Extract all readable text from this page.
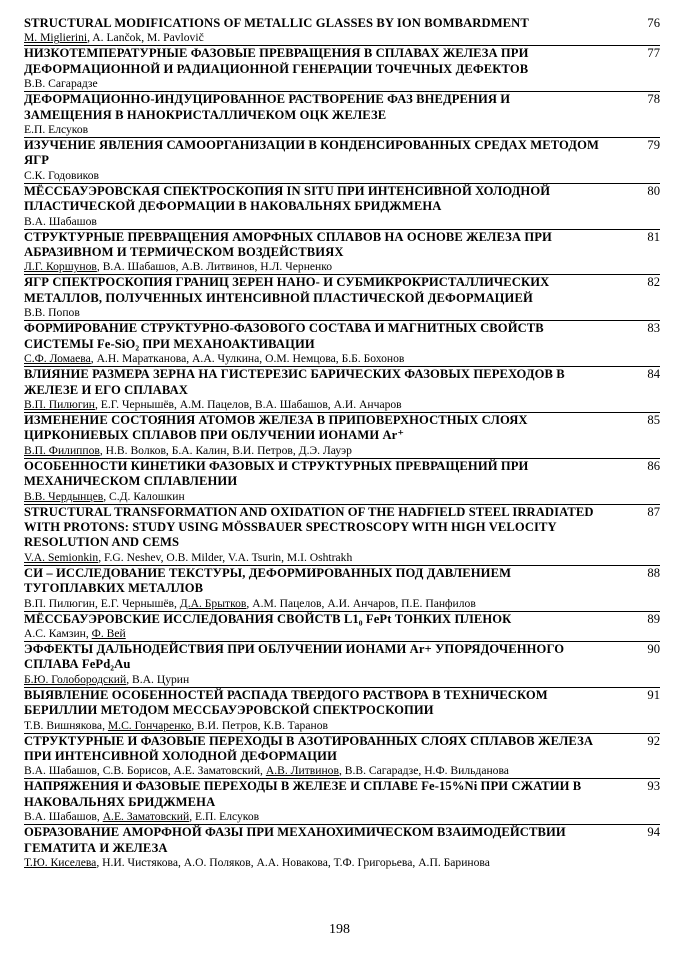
STRUCTURAL MODIFICATIONS OF METALLIC GLASSES BY ION BOMBARDMENT
M. Miglierini, A. Lančok, M. Pavlovič
76
НИЗКОТЕМПЕРАТУРНЫЕ ФАЗОВЫЕ ПРЕВРАЩЕНИЯ В СПЛАВАХ ЖЕЛЕЗА ПРИ ДЕФОРМАЦИОННОЙ И РАДИАЦИОННОЙ ГЕНЕРАЦИИ ТОЧЕЧНЫХ ДЕФЕКТОВ
В.В. Сагарадзе
77
ДЕФОРМАЦИОННО-ИНДУЦИРОВАННОЕ РАСТВОРЕНИЕ ФАЗ ВНЕДРЕНИЯ И ЗАМЕЩЕНИЯ В НАНОКРИСТАЛЛИЧЕКОМ ОЦК ЖЕЛЕЗЕ
Е.П. Елсуков
78
ИЗУЧЕНИЕ ЯВЛЕНИЯ САМООРГАНИЗАЦИИ В КОНДЕНСИРОВАННЫХ СРЕДАХ МЕТОДОМ ЯГР
С.К. Годовиков
79
МЁССБАУЭРОВСКАЯ СПЕКТРОСКОПИЯ IN SITU ПРИ ИНТЕНСИВНОЙ ХОЛОДНОЙ ПЛАСТИЧЕСКОЙ ДЕФОРМАЦИИ В НАКОВАЛЬНЯХ БРИДЖМЕНА
В.А. Шабашов
80
СТРУКТУРНЫЕ ПРЕВРАЩЕНИЯ АМОРФНЫХ СПЛАВОВ НА ОСНОВЕ ЖЕЛЕЗА ПРИ АБРАЗИВНОМ И ТЕРМИЧЕСКОМ ВОЗДЕЙСТВИЯХ
Л.Г. Коршунов, В.А. Шабашов, А.В. Литвинов, Н.Л. Черненко
81
ЯГР СПЕКТРОСКОПИЯ ГРАНИЦ ЗЕРЕН НАНО- И СУБМИКРОКРИСТАЛЛИЧЕСКИХ МЕТАЛЛОВ, ПОЛУЧЕННЫХ ИНТЕНСИВНОЙ ПЛАСТИЧЕСКОЙ ДЕФОРМАЦИЕЙ
В.В. Попов
82
ФОРМИРОВАНИЕ СТРУКТУРНО-ФАЗОВОГО СОСТАВА И МАГНИТНЫХ СВОЙСТВ СИСТЕМЫ Fe-SiO₂ ПРИ МЕХАНОАКТИВАЦИИ
С.Ф. Ломаева, А.Н. Маратканова, А.А. Чулкина, О.М. Немцова, Б.Б. Бохонов
83
ВЛИЯНИЕ РАЗМЕРА ЗЕРНА НА ГИСТЕРЕЗИС БАРИЧЕСКИХ ФАЗОВЫХ ПЕРЕХОДОВ В ЖЕЛЕЗЕ И ЕГО СПЛАВАХ
В.П. Пилюгин, Е.Г. Чернышёв, А.М. Пацелов, В.А. Шабашов, А.И. Анчаров
84
ИЗМЕНЕНИЕ СОСТОЯНИЯ АТОМОВ ЖЕЛЕЗА В ПРИПОВЕРХНОСТНЫХ СЛОЯХ ЦИРКОНИЕВЫХ СПЛАВОВ ПРИ ОБЛУЧЕНИИ ИОНАМИ Ar⁺
В.П. Филиппов, Н.В. Волков, Б.А. Калин, В.И. Петров, Д.Э. Лауэр
85
ОСОБЕННОСТИ КИНЕТИКИ ФАЗОВЫХ И СТРУКТУРНЫХ ПРЕВРАЩЕНИЙ ПРИ МЕХАНИЧЕСКОМ СПЛАВЛЕНИИ
В.В. Чердынцев, С.Д. Калошкин
86
STRUCTURAL TRANSFORMATION AND OXIDATION OF THE HADFIELD STEEL IRRADIATED WITH PROTONS: STUDY USING MÖSSBAUER SPECTROSCOPY WITH HIGH VELOCITY RESOLUTION AND CEMS
V.A. Semionkin, F.G. Neshev, O.B. Milder, V.A. Tsurin, M.I. Oshtrakh
87
СИ – ИССЛЕДОВАНИЕ ТЕКСТУРЫ, ДЕФОРМИРОВАННЫХ ПОД ДАВЛЕНИЕМ ТУГОПЛАВКИХ МЕТАЛЛОВ
В.П. Пилюгин, Е.Г. Чернышёв, Д.А. Брытков, А.М. Пацелов, А.И. Анчаров, П.Е. Панфилов
88
МЁССБАУЭРОВСКИЕ ИССЛЕДОВАНИЯ СВОЙСТВ L1₀ FePt ТОНКИХ ПЛЕНОК
А.С. Камзин, Ф. Вей
89
ЭФФЕКТЫ ДАЛЬНОДЕЙСТВИЯ ПРИ ОБЛУЧЕНИИ ИОНАМИ Ar+ УПОРЯДОЧЕННОГО СПЛАВА FePd₂Au
Б.Ю. Голобородский, В.А. Цурин
90
ВЫЯВЛЕНИЕ ОСОБЕННОСТЕЙ РАСПАДА ТВЕРДОГО РАСТВОРА В ТЕХНИЧЕСКОМ БЕРИЛЛИИ МЕТОДОМ МЕССБАУЭРОВСКОЙ СПЕКТРОСКОПИИ
Т.В. Вишнякова, М.С. Гончаренко, В.И. Петров, К.В. Таранов
91
СТРУКТУРНЫЕ И ФАЗОВЫЕ ПЕРЕХОДЫ В АЗОТИРОВАННЫХ СЛОЯХ СПЛАВОВ ЖЕЛЕЗА ПРИ ИНТЕНСИВНОЙ ХОЛОДНОЙ ДЕФОРМАЦИИ
В.А. Шабашов, С.В. Борисов, А.Е. Заматовский, А.В. Литвинов, В.В. Сагарадзе, Н.Ф. Вильданова
92
НАПРЯЖЕНИЯ И ФАЗОВЫЕ ПЕРЕХОДЫ В ЖЕЛЕЗЕ И СПЛАВЕ Fe-15%Ni ПРИ СЖАТИИ В НАКОВАЛЬНЯХ БРИДЖМЕНА
В.А. Шабашов, А.Е. Заматовский, Е.П. Елсуков
93
ОБРАЗОВАНИЕ АМОРФНОЙ ФАЗЫ ПРИ МЕХАНОХИМИЧЕСКОМ ВЗАИМОДЕЙСТВИИ ГЕМАТИТА И ЖЕЛЕЗА
Т.Ю. Киселева, Н.И. Чистякова, А.О. Поляков, А.А. Новакова, Т.Ф. Григорьева, А.П. Баринова
94
198
